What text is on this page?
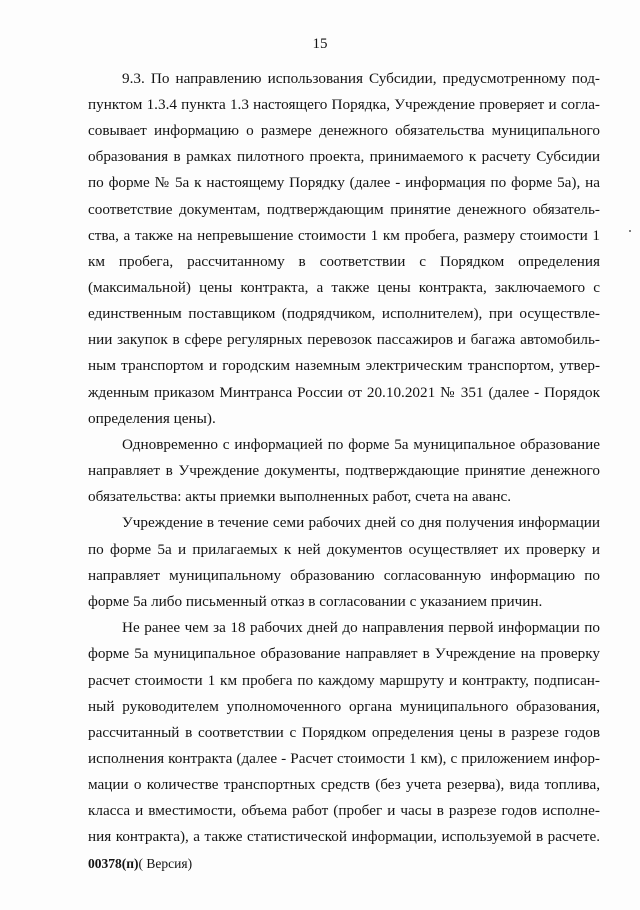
15
9.3. По направлению использования Субсидии, предусмотренному под-
пунктом 1.3.4 пункта 1.3 настоящего Порядка, Учреждение проверяет и согла-
совывает информацию о размере денежного обязательства муниципального
образования в рамках пилотного проекта, принимаемого к расчету Субсидии
по форме № 5а к настоящему Порядку (далее - информация по форме 5а), на
соответствие документам, подтверждающим принятие денежного обязатель-
ства, а также на непревышение стоимости 1 км пробега, размеру стоимости 1
км пробега, рассчитанному в соответствии с Порядком определения
(максимальной) цены контракта, а также цены контракта, заключаемого с
единственным поставщиком (подрядчиком, исполнителем), при осуществле-
нии закупок в сфере регулярных перевозок пассажиров и багажа автомобиль-
ным транспортом и городским наземным электрическим транспортом, утвер-
жденным приказом Минтранса России от 20.10.2021 № 351 (далее - Порядок
определения цены).
Одновременно с информацией по форме 5а муниципальное образование
направляет в Учреждение документы, подтверждающие принятие денежного
обязательства: акты приемки выполненных работ, счета на аванс.
Учреждение в течение семи рабочих дней со дня получения информации
по форме 5а и прилагаемых к ней документов осуществляет их проверку и
направляет муниципальному образованию согласованную информацию по
форме 5а либо письменный отказ в согласовании с указанием причин.
Не ранее чем за 18 рабочих дней до направления первой информации по
форме 5а муниципальное образование направляет в Учреждение на проверку
расчет стоимости 1 км пробега по каждому маршруту и контракту, подписан-
ный руководителем уполномоченного органа муниципального образования,
рассчитанный в соответствии с Порядком определения цены в разрезе годов
исполнения контракта (далее - Расчет стоимости 1 км), с приложением инфор-
мации о количестве транспортных средств (без учета резерва), вида топлива,
класса и вместимости, объема работ (пробег и часы в разрезе годов исполне-
ния контракта), а также статистической информации, используемой в расчете.
00378(п)( Версия)
